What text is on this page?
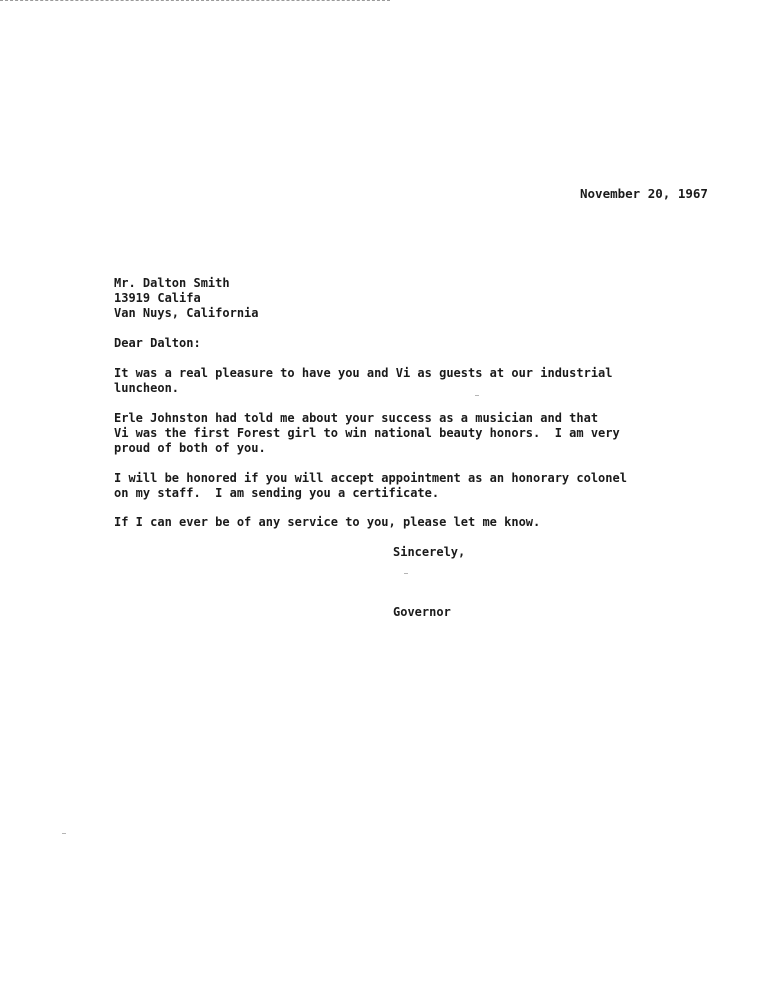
November 20, 1967
Mr. Dalton Smith
13919 Califa
Van Nuys, California
Dear Dalton:
It was a real pleasure to have you and Vi as guests at our industrial
luncheon.
Erle Johnston had told me about your success as a musician and that
Vi was the first Forest girl to win national beauty honors.  I am very
proud of both of you.
I will be honored if you will accept appointment as an honorary colonel
on my staff.  I am sending you a certificate.
If I can ever be of any service to you, please let me know.
Sincerely,
Governor
